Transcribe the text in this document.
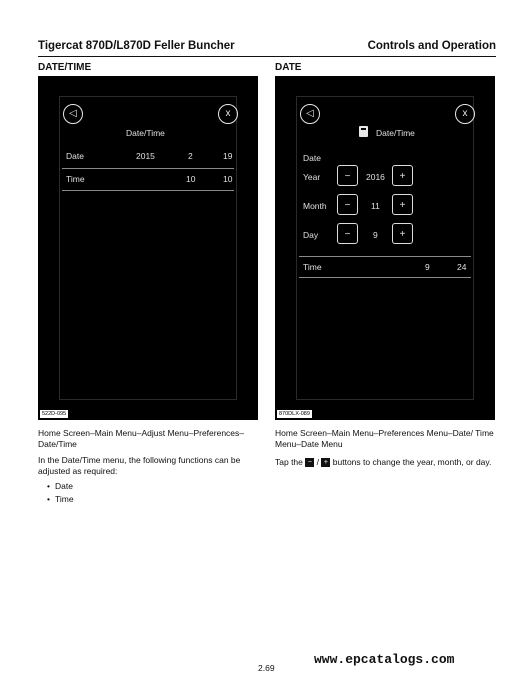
Tigercat 870D/L870D Feller Buncher	Controls and Operation
DATE/TIME
◁	x
Date/Time
Date	2015	2	19
Time	10	10
522D-095
Home Screen–Main Menu–Adjust Menu–Preferences–Date/Time
In the Date/Time menu, the following functions can be adjusted as required:
• Date
• Time
DATE
◁	x
Date/Time
Date
Year	−	2016	+
Month	−	11	+
Day	−	9	+
Time	9	24
870DLX-089
Home Screen–Main Menu–Preferences Menu–Date/ Time Menu–Date Menu
Tap the − / + buttons to change the year, month, or day.
2.69
www.epcatalogs.com
